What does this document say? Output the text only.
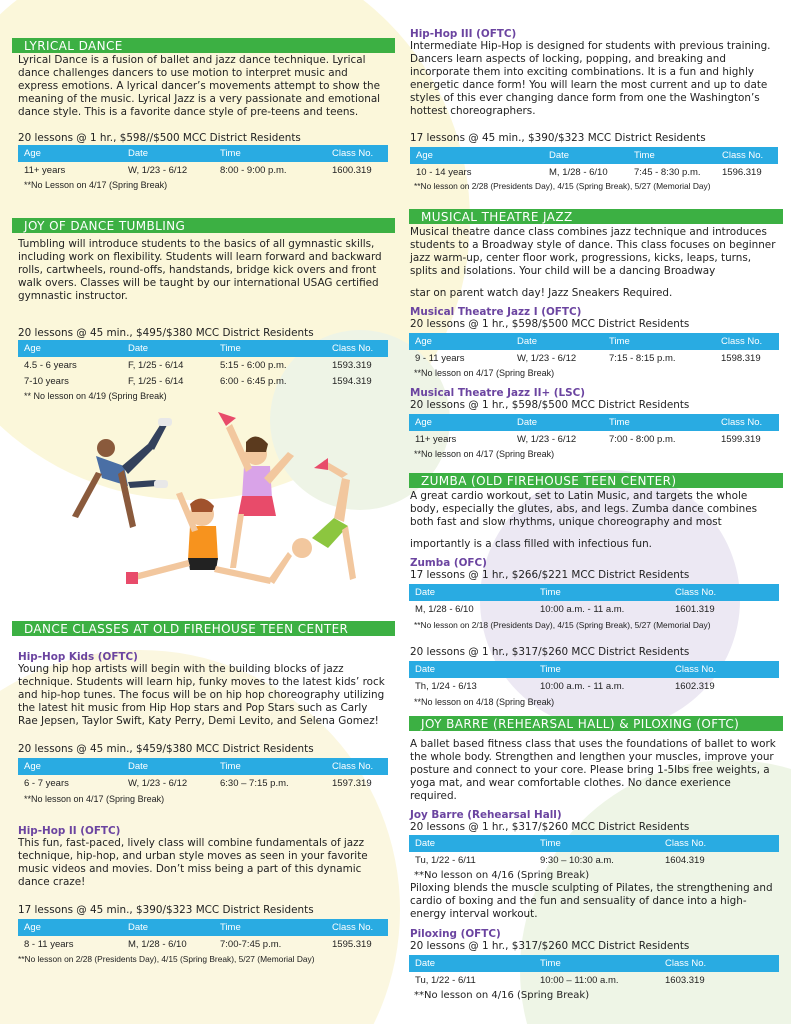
LYRICAL DANCE
Lyrical Dance is a fusion of ballet and jazz dance technique. Lyrical dance challenges dancers to use motion to interpret music and express emotions. A lyrical dancer’s movements attempt to show the meaning of the music. Lyrical Jazz is a very passionate and emotional dance style. This is a favorite dance style of pre-teens and teens.
20 lessons @ 1 hr., $598//$500 MCC District Residents
Age	Date	Time	Class No.
11+ years	W, 1/23 - 6/12	8:00 - 9:00 p.m.	1600.319
**No Lesson on 4/17 (Spring Break)
JOY OF DANCE TUMBLING
Tumbling will introduce students to the basics of all gymnastic skills, including work on flexibility. Students will learn forward and backward rolls, cartwheels, round-offs, handstands, bridge kick overs and front walk overs. Classes will be taught by our international USAG certified gymnastic instructor.
20 lessons @ 45 min., $495/$380 MCC District Residents
Age	Date	Time	Class No.
4.5 - 6 years	F, 1/25 - 6/14	5:15 - 6:00 p.m.	1593.319
7-10 years	F, 1/25 - 6/14	6:00 - 6:45 p.m.	1594.319
** No lesson on 4/19 (Spring Break)
DANCE CLASSES AT OLD FIREHOUSE TEEN CENTER
Hip-Hop Kids (OFTC)
Young hip hop artists will begin with the building blocks of jazz technique. Students will learn hip, funky moves to the latest kids’ rock and hip-hop tunes. The focus will be on hip hop choreography utilizing the latest hit music from Hip Hop stars and Pop Stars such as Carly Rae Jepsen, Taylor Swift, Katy Perry, Demi Levito, and Selena Gomez!
20 lessons @ 45 min., $459/$380 MCC District Residents
Age	Date	Time	Class No.
6 - 7 years	W, 1/23 - 6/12	6:30 – 7:15 p.m.	1597.319
**No lesson on 4/17 (Spring Break)
Hip-Hop II (OFTC)
This fun, fast-paced, lively class will combine fundamentals of jazz technique, hip-hop, and urban style moves as seen in your favorite music videos and movies. Don’t miss being a part of this dynamic dance craze!
17 lessons @ 45 min., $390/$323 MCC District Residents
Age	Date	Time	Class No.
8 - 11 years	M, 1/28 - 6/10	7:00-7:45 p.m.	1595.319
**No lesson on 2/28 (Presidents Day), 4/15 (Spring Break), 5/27 (Memorial Day)
Hip-Hop III (OFTC)
Intermediate Hip-Hop is designed for students with previous training. Dancers learn aspects of locking, popping, and breaking and incorporate them into exciting combinations. It is a fun and highly energetic dance form! You will learn the most current and up to date styles of this ever changing dance form from one the Washington’s hottest choreographers.
17 lessons @ 45 min., $390/$323 MCC District Residents
Age	Date	Time	Class No.
10 - 14 years	M, 1/28 - 6/10	7:45 - 8:30 p.m.	1596.319
**No lesson on 2/28 (Presidents Day), 4/15 (Spring Break), 5/27 (Memorial Day)
MUSICAL THEATRE JAZZ
Musical theatre dance class combines jazz technique and introduces students to a Broadway style of dance. This class focuses on beginner jazz warm-up, center floor work, progressions, kicks, leaps, turns, splits and isolations. Your child will be a dancing Broadway
star on parent watch day! Jazz Sneakers Required.
Musical Theatre Jazz I (OFTC)
20 lessons @ 1 hr., $598/$500 MCC District Residents
Age	Date	Time	Class No.
9 - 11 years	W, 1/23 - 6/12	7:15 - 8:15 p.m.	1598.319
**No lesson on 4/17 (Spring Break)
Musical Theatre Jazz II+ (LSC)
20 lessons @ 1 hr., $598/$500 MCC District Residents
Age	Date	Time	Class No.
11+ years	W, 1/23 - 6/12	7:00 - 8:00 p.m.	1599.319
**No lesson on 4/17 (Spring Break)
ZUMBA (OLD FIREHOUSE TEEN CENTER)
A great cardio workout, set to Latin Music, and targets the whole body, especially the glutes, abs, and legs. Zumba dance combines both fast and slow rhythms, unique choreography and most
importantly is a class filled with infectious fun.
Zumba (OFC)
17 lessons @ 1 hr., $266/$221 MCC District Residents
Date	Time	Class No.
M, 1/28 - 6/10	10:00 a.m. - 11 a.m.	1601.319
**No lesson on 2/18 (Presidents Day), 4/15 (Spring Break), 5/27 (Memorial Day)
20 lessons @ 1 hr., $317/$260 MCC District Residents
Date	Time	Class No.
Th, 1/24 - 6/13	10:00 a.m. - 11 a.m.	1602.319
**No lesson on 4/18 (Spring Break)
JOY BARRE (REHEARSAL HALL) & PILOXING (OFTC)
A ballet based fitness class that uses the foundations of ballet to work the whole body. Strengthen and lengthen your muscles, improve your posture and connect to your core. Please bring 1-5Ibs free weights, a yoga mat, and wear comfortable clothes. No dance exerience required.
Joy Barre (Rehearsal Hall)
20 lessons @ 1 hr., $317/$260 MCC District Residents
Date	Time	Class No.
Tu, 1/22 - 6/11	9:30 – 10:30 a.m.	1604.319
**No lesson on 4/16 (Spring Break)
Piloxing blends the muscle sculpting of Pilates, the strengthening and cardio of boxing and the fun and sensuality of dance into a high-energy interval workout.
Piloxing (OFTC)
20 lessons @ 1 hr., $317/$260 MCC District Residents
Date	Time	Class No.
Tu, 1/22 - 6/11	10:00 – 11:00 a.m.	1603.319
**No lesson on 4/16 (Spring Break)
